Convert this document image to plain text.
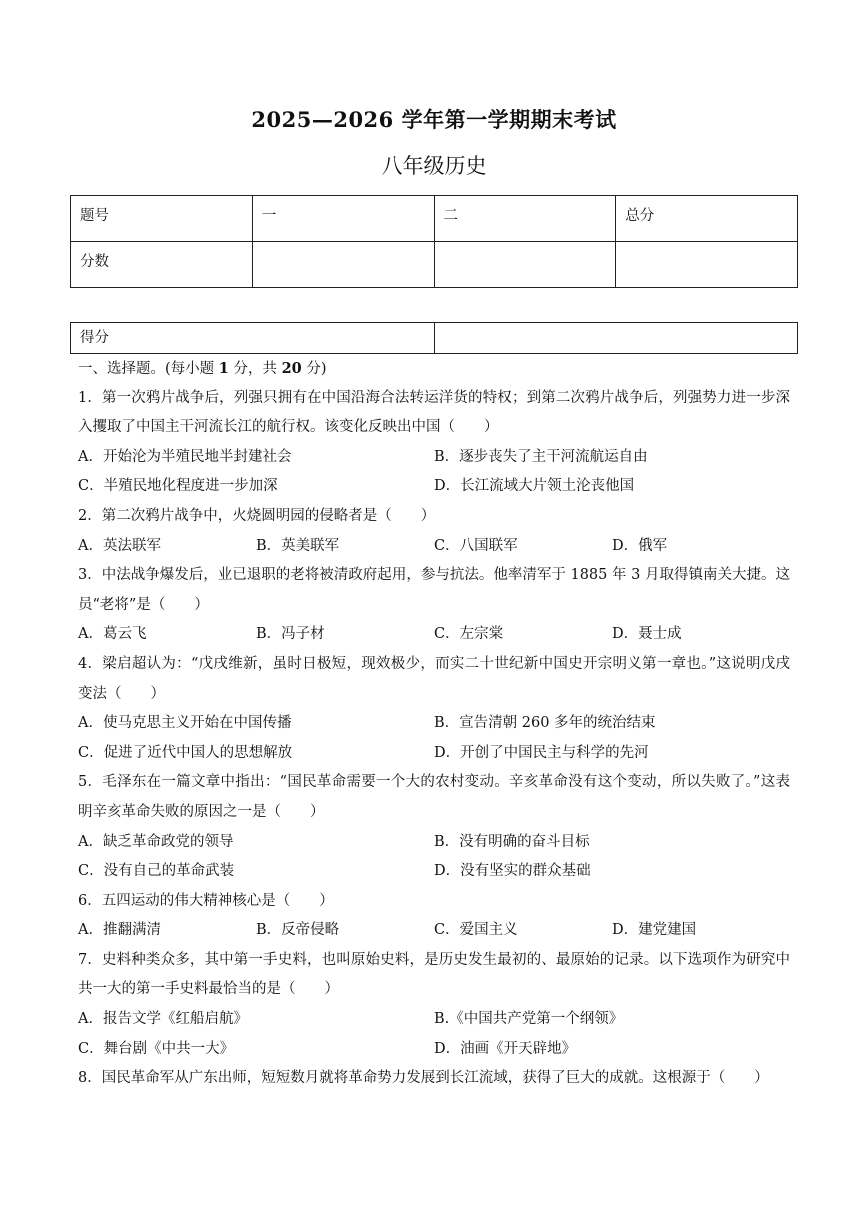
2025—2026 学年第一学期期末考试
八年级历史
题号	一	二	总分
分数			
得分	
一、选择题。(每小题 1 分，共 20 分)

1．第一次鸦片战争后，列强只拥有在中国沿海合法转运洋货的特权；到第二次鸦片战争后，列强势力进一步深入攫取了中国主干河流长江的航行权。该变化反映出中国（　　）

A．开始沦为半殖民地半封建社会	B．逐步丧失了主干河流航运自由
C．半殖民地化程度进一步加深	D．长江流域大片领土沦丧他国

2．第二次鸦片战争中，火烧圆明园的侵略者是（　　）

A．英法联军	B．英美联军	C．八国联军	D．俄军

3．中法战争爆发后，业已退职的老将被清政府起用，参与抗法。他率清军于 1885 年 3 月取得镇南关大捷。这员“老将”是（　　）

A．葛云飞	B．冯子材	C．左宗棠	D．聂士成

4．梁启超认为：“戊戌维新，虽时日极短，现效极少，而实二十世纪新中国史开宗明义第一章也。”这说明戊戌变法（　　）

A．使马克思主义开始在中国传播	B．宣告清朝 260 多年的统治结束
C．促进了近代中国人的思想解放	D．开创了中国民主与科学的先河

5．毛泽东在一篇文章中指出：“国民革命需要一个大的农村变动。辛亥革命没有这个变动，所以失败了。”这表明辛亥革命失败的原因之一是（　　）

A．缺乏革命政党的领导	B．没有明确的奋斗目标
C．没有自己的革命武装	D．没有坚实的群众基础

6．五四运动的伟大精神核心是（　　）

A．推翻满清	B．反帝侵略	C．爱国主义	D．建党建国

7．史料种类众多，其中第一手史料，也叫原始史料，是历史发生最初的、最原始的记录。以下选项作为研究中共一大的第一手史料最恰当的是（　　）

A．报告文学《红船启航》	B.《中国共产党第一个纲领》
C．舞台剧《中共一大》	D．油画《开天辟地》

8．国民革命军从广东出师，短短数月就将革命势力发展到长江流域，获得了巨大的成就。这根源于（　　）
